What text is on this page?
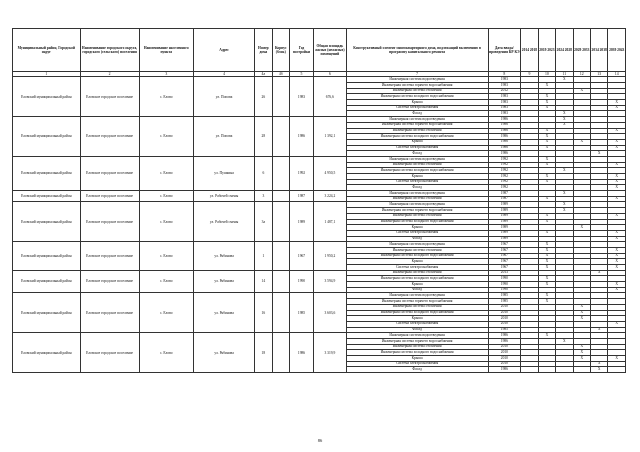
Муниципальный район, Городской округ	Наименование городского округа, городского (сельского) поселения	Наименование населенного пункта	Адрес	Номер дома	Корпус (блок)	Год постройки	Общая площадь жилых (нежилых) помещений	Конструктивный элемент многоквартирного дома, подлежащий включению в программу капитального ремонта	Дата ввода/ проведения КР КЭ	2014 2018	2019 2023	2024 2028	2029 2033	2034 2038	2039 2043
1	2	3	4	4а	4б	5	6	7	8	9	10	11	12	13	14
Еловский муниципальный район	Еловское городское поселение	с. Елово	ул. Попова	26		1983	676,6	Инженерная система водоотведения	1983			X			
								Инженерная система горячего водоснабжения	1983		X				
								Инженерная система отопления	2012				X		
								Инженерная система холодного водоснабжения	1983		X				
								Крыша	1983		X				X
								Система электроснабжения	1983		X				X
								Фасад	1983			X			
Еловский муниципальный район	Еловское городское поселение	с. Елово	ул. Попова	28		1986	1 392,1	Инженерная система водоотведения	1986			X			
								Инженерная система горячего водоснабжения	1986			X			
								Инженерная система отопления	1986		X				X
								Инженерная система холодного водоснабжения	1986		X				
								Крыша	1986		X		X		X
								Система электроснабжения	1986		X				X
								Фасад	1986					X	
Еловский муниципальный район	Еловское городское поселение	с. Елово	ул. Пушкина	6		1992	4 950,5	Инженерная система водоотведения	1992		X				
								Инженерная система отопления	1992		X				X
								Инженерная система холодного водоснабжения	1992			X			
								Крыша	1992		X				X
								Система электроснабжения	1992		X				X
								Фасад	1992						X
Еловский муниципальный район	Еловское городское поселение	с. Елово	ул. Рабочей смены	3		1987	3 224,2	Инженерная система водоотведения	1987			X			
								Инженерная система отопления	1987		X				X
Еловский муниципальный район	Еловское городское поселение	с. Елово	ул. Рабочей смены	3а		1989	1 487,1	Инженерная система водоотведения	1989			X			
								Инженерная система горячего водоснабжения	1989			X			
								Инженерная система отопления	1989		X				X
								Инженерная система холодного водоснабжения	1989		X				
								Крыша	1989				X		
								Система электроснабжения	1989		X				X
								Фасад	1989						X
Еловский муниципальный район	Еловское городское поселение	с. Елово	ул. Рябинова	1		1967	1 950,2	Инженерная система водоотведения	1967		X				
								Инженерная система отопления	1967		X				X
								Инженерная система холодного водоснабжения	1967		X				X
								Крыша	1967		X				X
								Система электроснабжения	1967		X				X
Еловский муниципальный район	Еловское городское поселение	с. Елово	ул. Рябинова	14		1990	3 594,9	Инженерная система отопления	2013					X	
								Инженерная система холодного водоснабжения	1990		X				
								Крыша	1990		X				X
								Фасад	1990						X
Еловский муниципальный район	Еловское городское поселение	с. Елово	ул. Рябинова	16		1985	3 603,6	Инженерная система водоотведения	1985		X				
								Инженерная система горячего водоснабжения	1985		X				
								Инженерная система отопления	2010				X		
								Инженерная система холодного водоснабжения	2010				X		
								Крыша	2010				X		
								Система электроснабжения	2010						X
								Фасад	1985					X	
Еловский муниципальный район	Еловское городское поселение	с. Елово	ул. Рябинова	18		1986	3 319,9	Инженерная система водоотведения	1986		X				
								Инженерная система горячего водоснабжения	1986			X			
								Инженерная система отопления	2010				X		
								Инженерная система холодного водоснабжения	2010				X		
								Крыша	2010				X		X
								Система электроснабжения	2010					X	
								Фасад	1986					X	
86
